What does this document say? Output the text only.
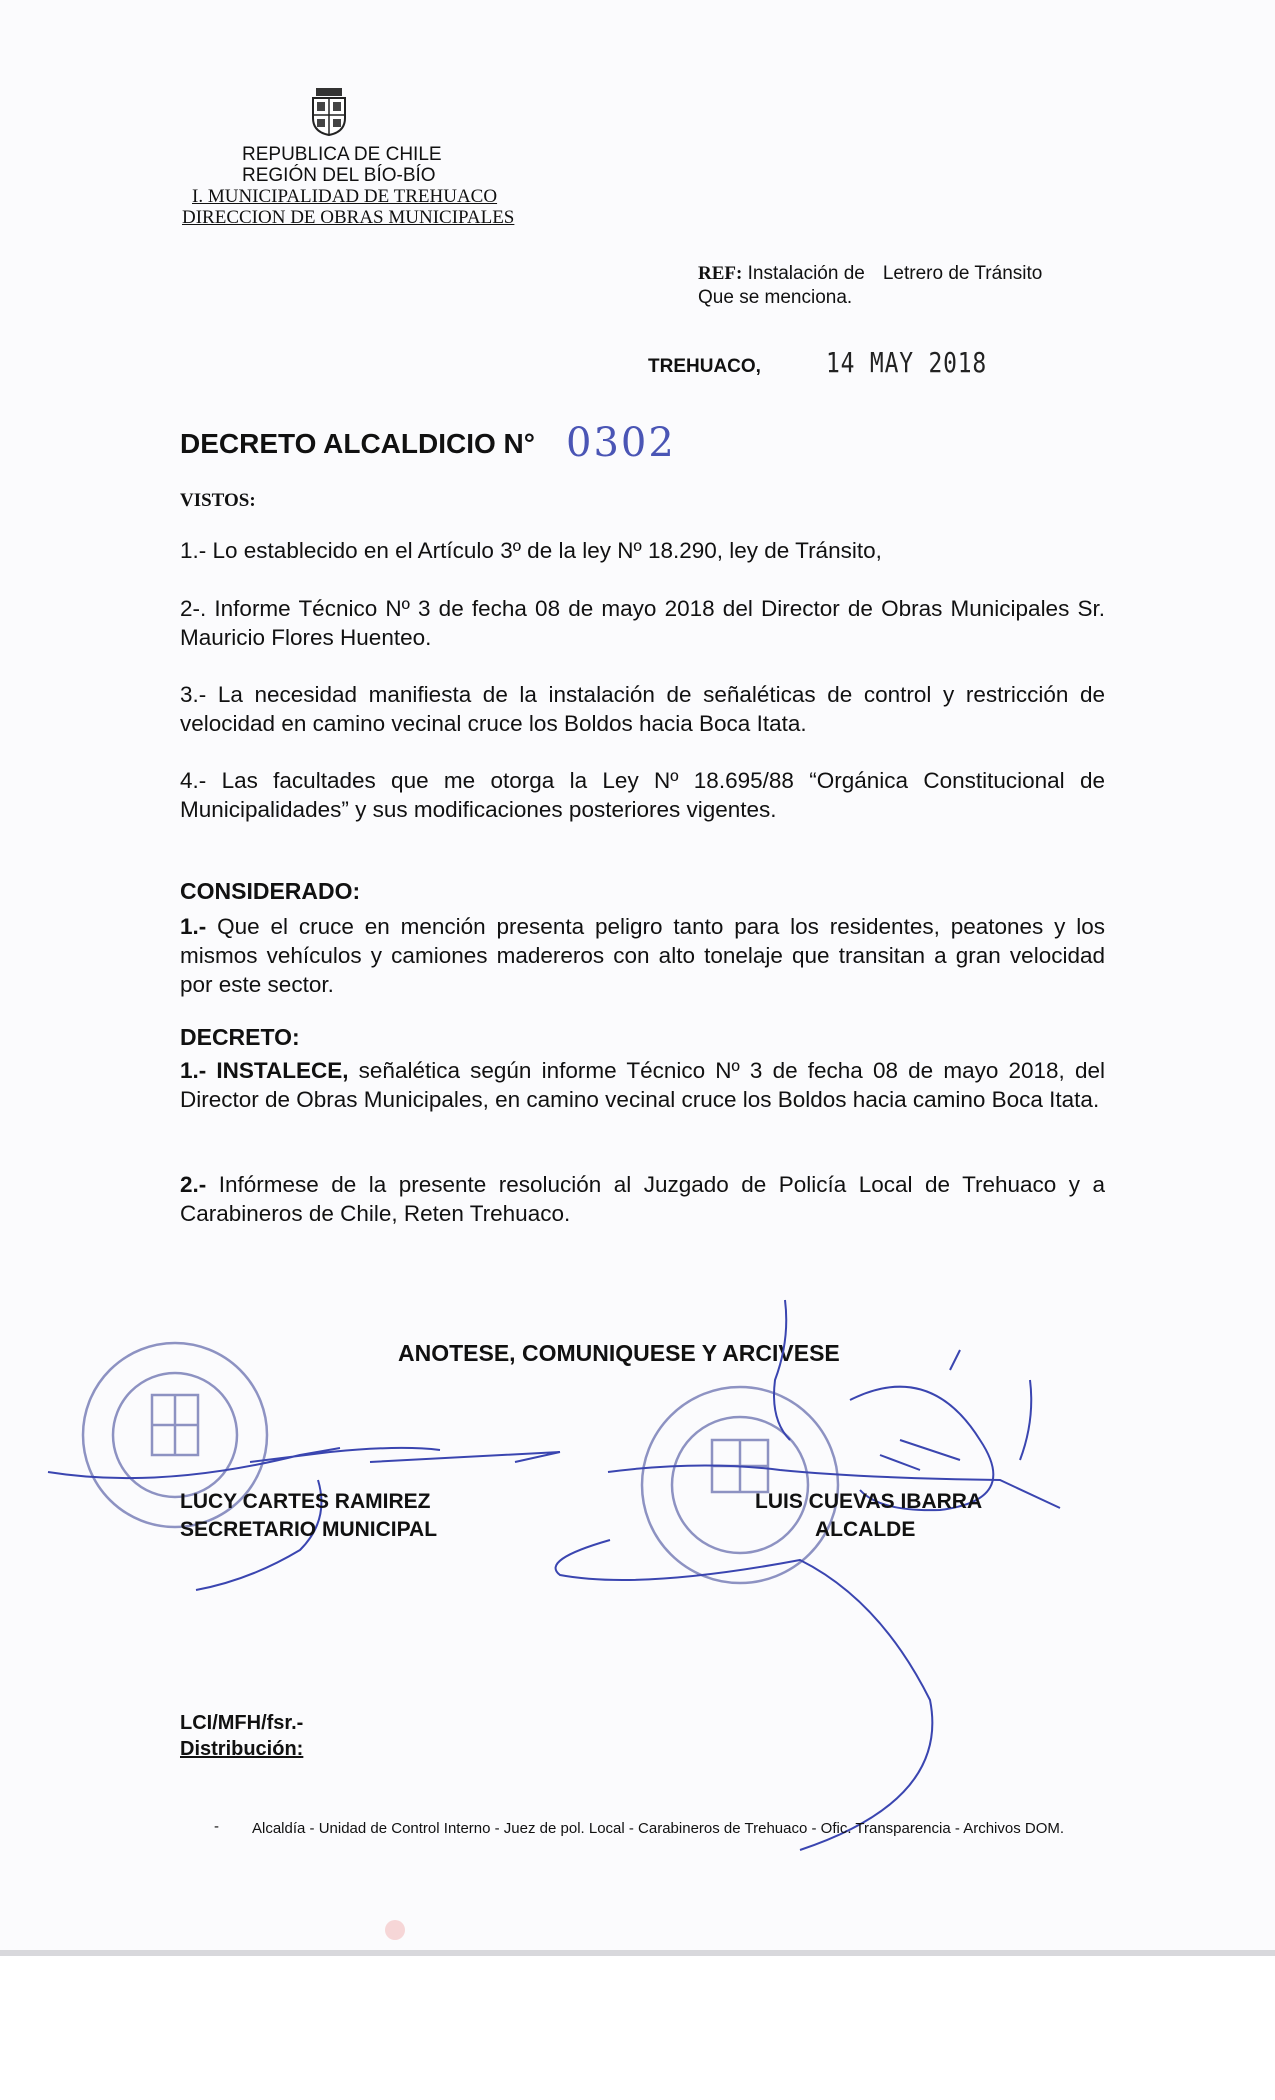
REPUBLICA DE CHILE
REGIÓN DEL BÍO-BÍO
I. MUNICIPALIDAD DE TREHUACO
DIRECCION DE OBRAS MUNICIPALES
REF: Instalación de Letrero de Tránsito
Que se menciona.
TREHUACO, 14 MAY 2018
DECRETO ALCALDICIO N° 0302
VISTOS:
1.- Lo establecido en el Artículo 3º de la ley Nº 18.290, ley de Tránsito,
2-. Informe Técnico Nº 3 de fecha 08 de mayo 2018 del Director de Obras Municipales Sr. Mauricio Flores Huenteo.
3.- La necesidad manifiesta de la instalación de señaléticas de control y restricción de velocidad en camino vecinal cruce los Boldos hacia Boca Itata.
4.- Las facultades que me otorga la Ley Nº 18.695/88 “Orgánica Constitucional de Municipalidades” y sus modificaciones posteriores vigentes.
CONSIDERADO:
1.- Que el cruce en mención presenta peligro tanto para los residentes, peatones y los mismos vehículos y camiones madereros con alto tonelaje que transitan a gran velocidad por este sector.
DECRETO:
1.- INSTALECE, señalética según informe Técnico Nº 3 de fecha 08 de mayo 2018, del Director de Obras Municipales, en camino vecinal cruce los Boldos hacia camino Boca Itata.
2.- Infórmese de la presente resolución al Juzgado de Policía Local de Trehuaco y a Carabineros de Chile, Reten Trehuaco.
ANOTESE, COMUNIQUESE Y ARCIVESE
LUCY CARTES RAMIREZ
SECRETARIO MUNICIPAL
LUIS CUEVAS IBARRA
ALCALDE
LCI/MFH/fsr.-
Distribución:
- Alcaldía - Unidad de Control Interno - Juez de pol. Local - Carabineros de Trehuaco - Ofic. Transparencia - Archivos DOM.
